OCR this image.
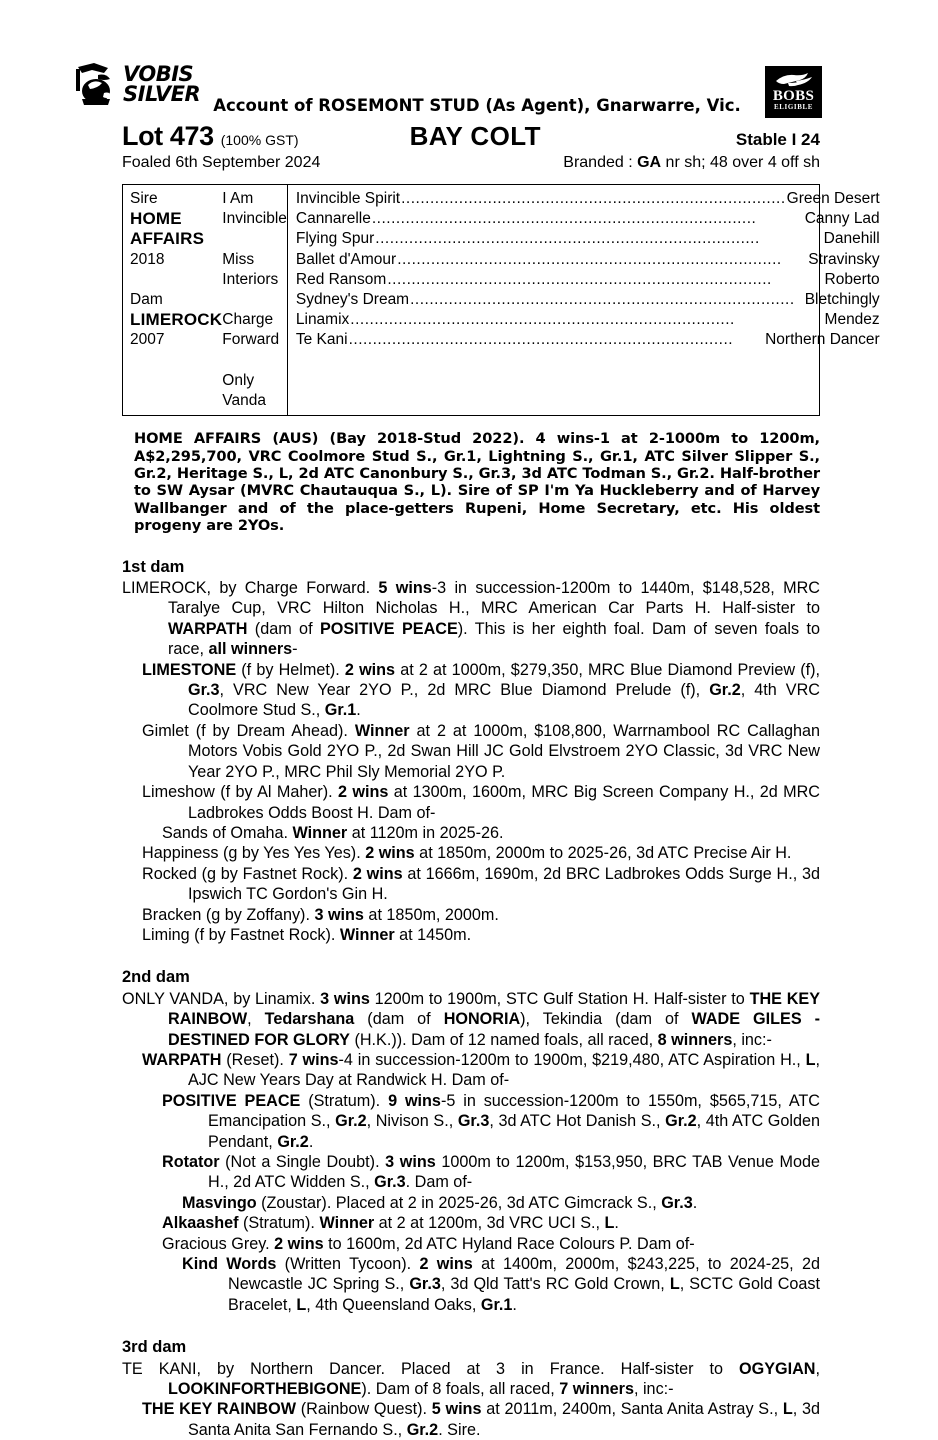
VOBIS
SILVER	BOBS
ELIGIBLE
Account of ROSEMONT STUD (As Agent), Gnarwarre, Vic.
Lot 473 (100% GST)	BAY COLT	Stable I 24
Foaled 6th September 2024	Branded : GA nr sh; 48 over 4 off sh
Sire
HOME AFFAIRS
2018
Dam
LIMEROCK
2007
I Am Invincible
Miss Interiors
Charge Forward
Only Vanda
Invincible Spirit ................................................................................ Green Desert
Cannarelle ................................................................................	Canny Lad
Flying Spur ................................................................................	Danehill
Ballet d'Amour ................................................................................	Stravinsky
Red Ransom ................................................................................	Roberto
Sydney's Dream ................................................................................ Bletchingly
Linamix ................................................................................	Mendez
Te Kani ................................................................................	Northern Dancer
HOME AFFAIRS (AUS) (Bay 2018-Stud 2022). 4 wins-1 at 2-1000m to 1200m, A$2,295,700, VRC Coolmore Stud S., Gr.1, Lightning S., Gr.1, ATC Silver Slipper S., Gr.2, Heritage S., L, 2d ATC Canonbury S., Gr.3, 3d ATC Todman S., Gr.2. Half-brother to SW Aysar (MVRC Chautauqua S., L). Sire of SP I'm Ya Huckleberry and of Harvey Wallbanger and of the place-getters Rupeni, Home Secretary, etc. His oldest progeny are 2YOs.
1st dam

LIMEROCK, by Charge Forward. 5 wins-3 in succession-1200m to 1440m, $148,528, MRC Taralye Cup, VRC Hilton Nicholas H., MRC American Car Parts H. Half-sister to WARPATH (dam of POSITIVE PEACE). This is her eighth foal. Dam of seven foals to race, all winners-

LIMESTONE (f by Helmet). 2 wins at 2 at 1000m, $279,350, MRC Blue Diamond Preview (f), Gr.3, VRC New Year 2YO P., 2d MRC Blue Diamond Prelude (f), Gr.2, 4th VRC Coolmore Stud S., Gr.1.

Gimlet (f by Dream Ahead). Winner at 2 at 1000m, $108,800, Warrnambool RC Callaghan Motors Vobis Gold 2YO P., 2d Swan Hill JC Gold Elvstroem 2YO Classic, 3d VRC New Year 2YO P., MRC Phil Sly Memorial 2YO P.

Limeshow (f by Al Maher). 2 wins at 1300m, 1600m, MRC Big Screen Company H., 2d MRC Ladbrokes Odds Boost H. Dam of-

Sands of Omaha. Winner at 1120m in 2025-26.

Happiness (g by Yes Yes Yes). 2 wins at 1850m, 2000m to 2025-26, 3d ATC Precise Air H.

Rocked (g by Fastnet Rock). 2 wins at 1666m, 1690m, 2d BRC Ladbrokes Odds Surge H., 3d Ipswich TC Gordon's Gin H.

Bracken (g by Zoffany). 3 wins at 1850m, 2000m.

Liming (f by Fastnet Rock). Winner at 1450m.

2nd dam

ONLY VANDA, by Linamix. 3 wins 1200m to 1900m, STC Gulf Station H. Half-sister to THE KEY RAINBOW, Tedarshana (dam of HONORIA), Tekindia (dam of WADE GILES - DESTINED FOR GLORY (H.K.)). Dam of 12 named foals, all raced, 8 winners, inc:-

WARPATH (Reset). 7 wins-4 in succession-1200m to 1900m, $219,480, ATC Aspiration H., L, AJC New Years Day at Randwick H. Dam of-

POSITIVE PEACE (Stratum). 9 wins-5 in succession-1200m to 1550m, $565,715, ATC Emancipation S., Gr.2, Nivison S., Gr.3, 3d ATC Hot Danish S., Gr.2, 4th ATC Golden Pendant, Gr.2.

Rotator (Not a Single Doubt). 3 wins 1000m to 1200m, $153,950, BRC TAB Venue Mode H., 2d ATC Widden S., Gr.3. Dam of-

Masvingo (Zoustar). Placed at 2 in 2025-26, 3d ATC Gimcrack S., Gr.3.

Alkaashef (Stratum). Winner at 2 at 1200m, 3d VRC UCI S., L.

Gracious Grey. 2 wins to 1600m, 2d ATC Hyland Race Colours P. Dam of-

Kind Words (Written Tycoon). 2 wins at 1400m, 2000m, $243,225, to 2024-25, 2d Newcastle JC Spring S., Gr.3, 3d Qld Tatt's RC Gold Crown, L, SCTC Gold Coast Bracelet, L, 4th Queensland Oaks, Gr.1.

3rd dam

TE KANI, by Northern Dancer. Placed at 3 in France. Half-sister to OGYGIAN, LOOKINFORTHEBIGONE). Dam of 8 foals, all raced, 7 winners, inc:-

THE KEY RAINBOW (Rainbow Quest). 5 wins at 2011m, 2400m, Santa Anita Astray S., L, 3d Santa Anita San Fernando S., Gr.2. Sire.
